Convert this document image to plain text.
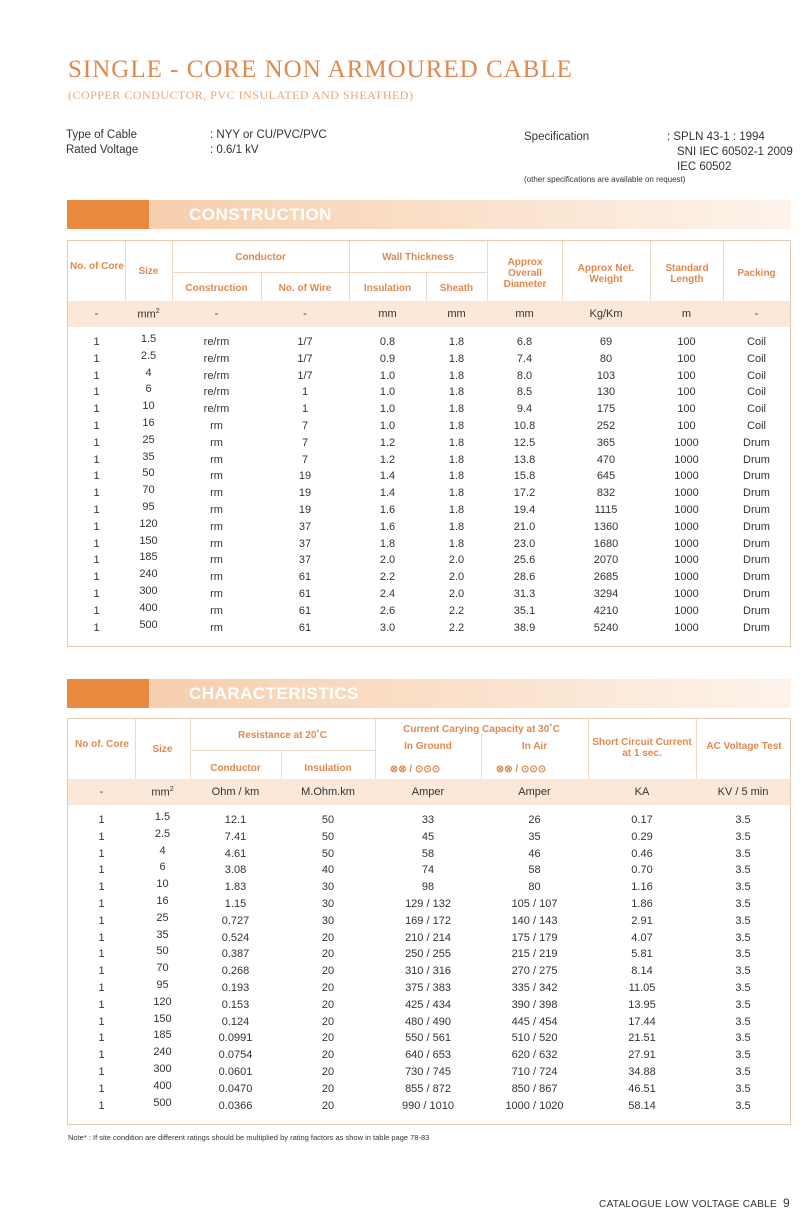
SINGLE - CORE NON ARMOURED CABLE
(COPPER CONDUCTOR, PVC INSULATED AND SHEATHED)
Type of Cable	: NYY or CU/PVC/PVC
Rated Voltage	: 0.6/1 kV
Specification	: SPLN 43-1 : 1994
SNI IEC 60502-1 2009
IEC 60502
(other specifications are available on request)
CONSTRUCTION
No. of Core	Size
Conductor
Construction	No. of Wire
Wall Thickness
Insulation	Sheath
Approx Overall Diameter
Approx Net. Weight
Standard Length
Packing
-	$mm^2$	-	-	mm	mm	mm	Kg/Km	m	-
1	1.5	re/rm	1/7	0.8	1.8	6.8	69	100	Coil
1	2.5	re/rm	1/7	0.9	1.8	7.4	80	100	Coil
1	4	re/rm	1/7	1.0	1.8	8.0	103	100	Coil
1	6	re/rm	1	1.0	1.8	8.5	130	100	Coil
1	10	re/rm	1	1.0	1.8	9.4	175	100	Coil
1	16	rm	7	1.0	1.8	10.8	252	100	Coil
1	25	rm	7	1.2	1.8	12.5	365	1000	Drum
1	35	rm	7	1.2	1.8	13.8	470	1000	Drum
1	50	rm	19	1.4	1.8	15.8	645	1000	Drum
1	70	rm	19	1.4	1.8	17.2	832	1000	Drum
1	95	rm	19	1.6	1.8	19.4	1115	1000	Drum
1	120	rm	37	1.6	1.8	21.0	1360	1000	Drum
1	150	rm	37	1.8	1.8	23.0	1680	1000	Drum
1	185	rm	37	2.0	2.0	25.6	2070	1000	Drum
1	240	rm	61	2.2	2.0	28.6	2685	1000	Drum
1	300	rm	61	2.4	2.0	31.3	3294	1000	Drum
1	400	rm	61	2.6	2.2	35.1	4210	1000	Drum
1	500	rm	61	3.0	2.2	38.9	5240	1000	Drum
CHARACTERISTICS
No of. Core	Size
Resistance at 20˚C
Conductor	Insulation
Current Carying Capacity at 30˚C
In Ground	In Air
⊗⊗ / ⊙⊙⊙	⊗⊗ / ⊙⊙⊙
Short Circuit Current at 1 sec.
AC Voltage Test
-	$mm^2$	Ohm / km	M.Ohm.km	Amper	Amper	KA	KV / 5 min
1	1.5	12.1	50	33	26	0.17	3.5
1	2.5	7.41	50	45	35	0.29	3.5
1	4	4.61	50	58	46	0.46	3.5
1	6	3.08	40	74	58	0.70	3.5
1	10	1.83	30	98	80	1.16	3.5
1	16	1.15	30	129 / 132	105 / 107	1.86	3.5
1	25	0.727	30	169 / 172	140 / 143	2.91	3.5
1	35	0.524	20	210 / 214	175 / 179	4.07	3.5
1	50	0.387	20	250 / 255	215 / 219	5.81	3.5
1	70	0.268	20	310 / 316	270 / 275	8.14	3.5
1	95	0.193	20	375 / 383	335 / 342	11.05	3.5
1	120	0.153	20	425 / 434	390 / 398	13.95	3.5
1	150	0.124	20	480 / 490	445 / 454	17.44	3.5
1	185	0.0991	20	550 / 561	510 / 520	21.51	3.5
1	240	0.0754	20	640 / 653	620 / 632	27.91	3.5
1	300	0.0601	20	730 / 745	710 / 724	34.88	3.5
1	400	0.0470	20	855 / 872	850 / 867	46.51	3.5
1	500	0.0366	20	990 / 1010	1000 / 1020	58.14	3.5
Note* : If site condition are different ratings should be multiplied by rating factors as show in table page 78-83
CATALOGUE LOW VOLTAGE CABLE 9
